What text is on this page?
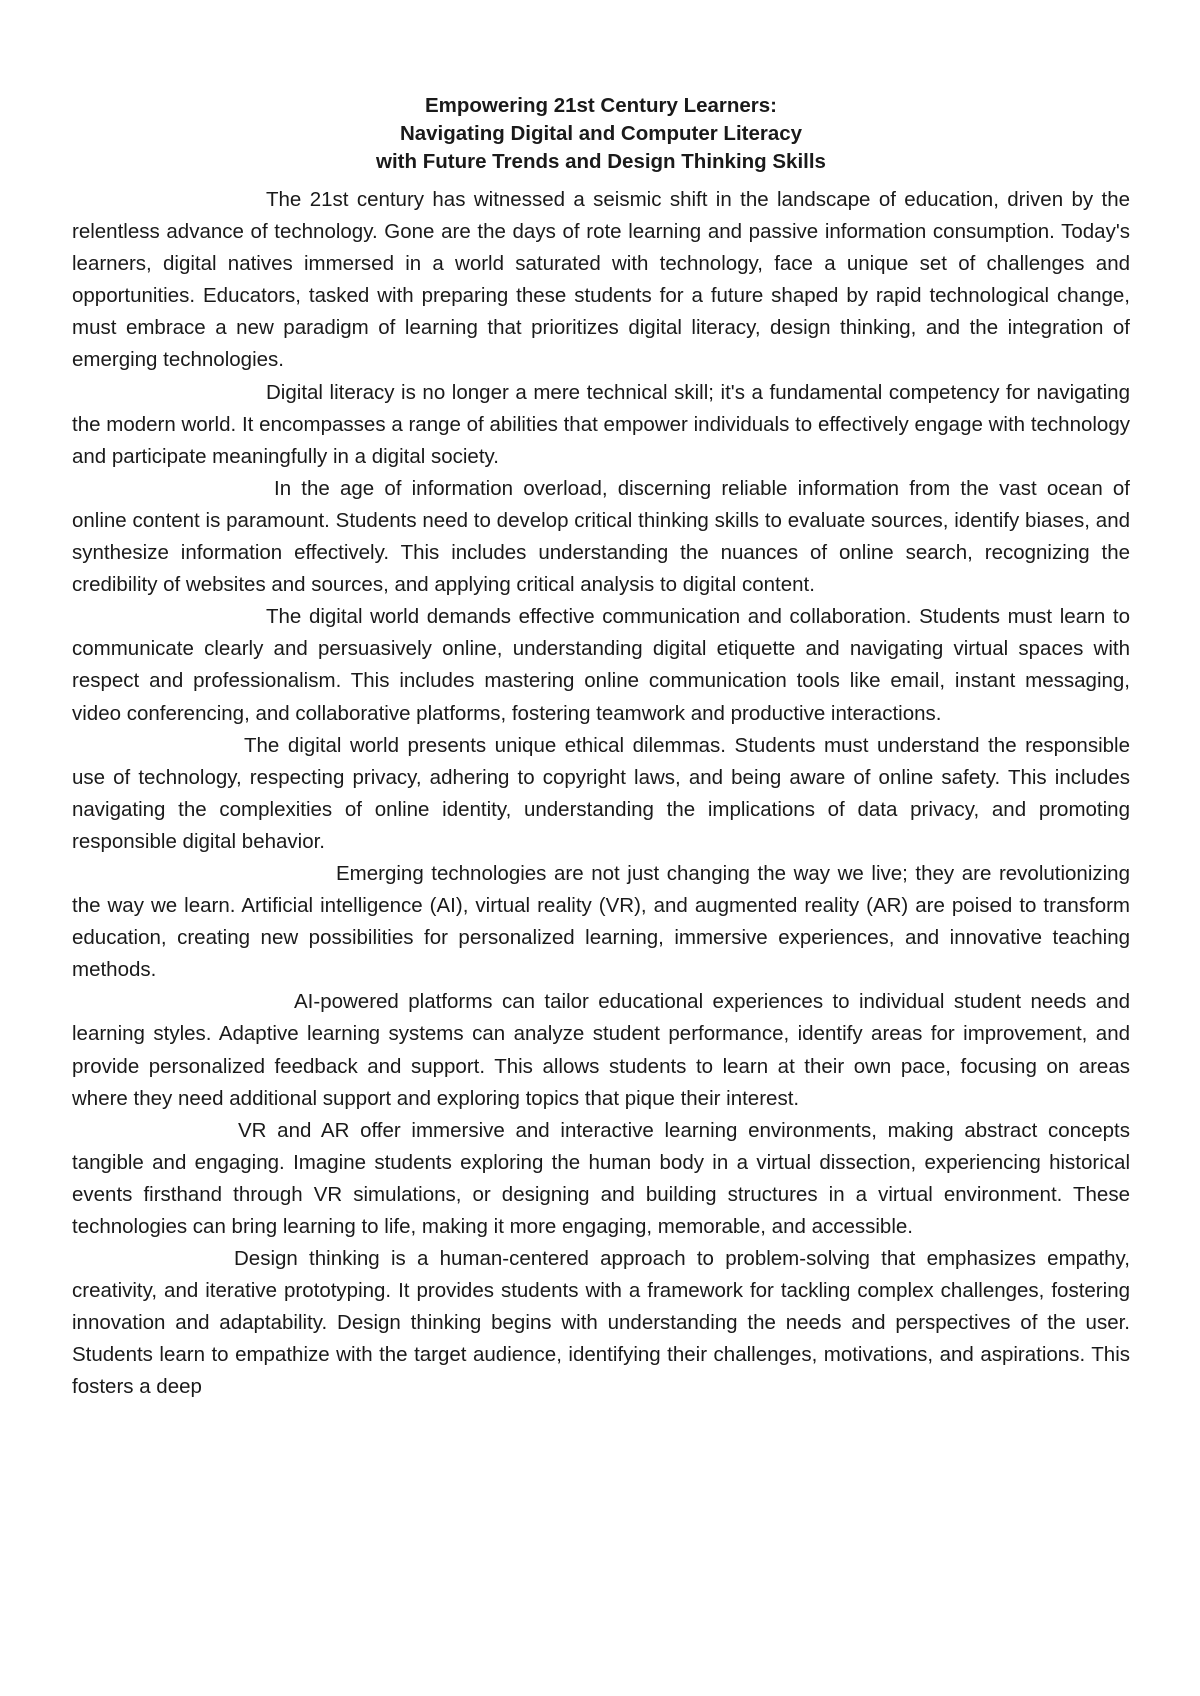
Empowering 21st Century Learners:
Navigating Digital and Computer Literacy
with Future Trends and Design Thinking Skills

The 21st century has witnessed a seismic shift in the landscape of education, driven by the relentless advance of technology. Gone are the days of rote learning and passive information consumption. Today's learners, digital natives immersed in a world saturated with technology, face a unique set of challenges and opportunities. Educators, tasked with preparing these students for a future shaped by rapid technological change, must embrace a new paradigm of learning that prioritizes digital literacy, design thinking, and the integration of emerging technologies.

Digital literacy is no longer a mere technical skill; it's a fundamental competency for navigating the modern world. It encompasses a range of abilities that empower individuals to effectively engage with technology and participate meaningfully in a digital society.

In the age of information overload, discerning reliable information from the vast ocean of online content is paramount. Students need to develop critical thinking skills to evaluate sources, identify biases, and synthesize information effectively. This includes understanding the nuances of online search, recognizing the credibility of websites and sources, and applying critical analysis to digital content.

The digital world demands effective communication and collaboration. Students must learn to communicate clearly and persuasively online, understanding digital etiquette and navigating virtual spaces with respect and professionalism. This includes mastering online communication tools like email, instant messaging, video conferencing, and collaborative platforms, fostering teamwork and productive interactions.

The digital world presents unique ethical dilemmas. Students must understand the responsible use of technology, respecting privacy, adhering to copyright laws, and being aware of online safety. This includes navigating the complexities of online identity, understanding the implications of data privacy, and promoting responsible digital behavior.

Emerging technologies are not just changing the way we live; they are revolutionizing the way we learn. Artificial intelligence (AI), virtual reality (VR), and augmented reality (AR) are poised to transform education, creating new possibilities for personalized learning, immersive experiences, and innovative teaching methods.

AI-powered platforms can tailor educational experiences to individual student needs and learning styles. Adaptive learning systems can analyze student performance, identify areas for improvement, and provide personalized feedback and support. This allows students to learn at their own pace, focusing on areas where they need additional support and exploring topics that pique their interest.

VR and AR offer immersive and interactive learning environments, making abstract concepts tangible and engaging. Imagine students exploring the human body in a virtual dissection, experiencing historical events firsthand through VR simulations, or designing and building structures in a virtual environment. These technologies can bring learning to life, making it more engaging, memorable, and accessible.

Design thinking is a human-centered approach to problem-solving that emphasizes empathy, creativity, and iterative prototyping. It provides students with a framework for tackling complex challenges, fostering innovation and adaptability. Design thinking begins with understanding the needs and perspectives of the user. Students learn to empathize with the target audience, identifying their challenges, motivations, and aspirations. This fosters a deep
